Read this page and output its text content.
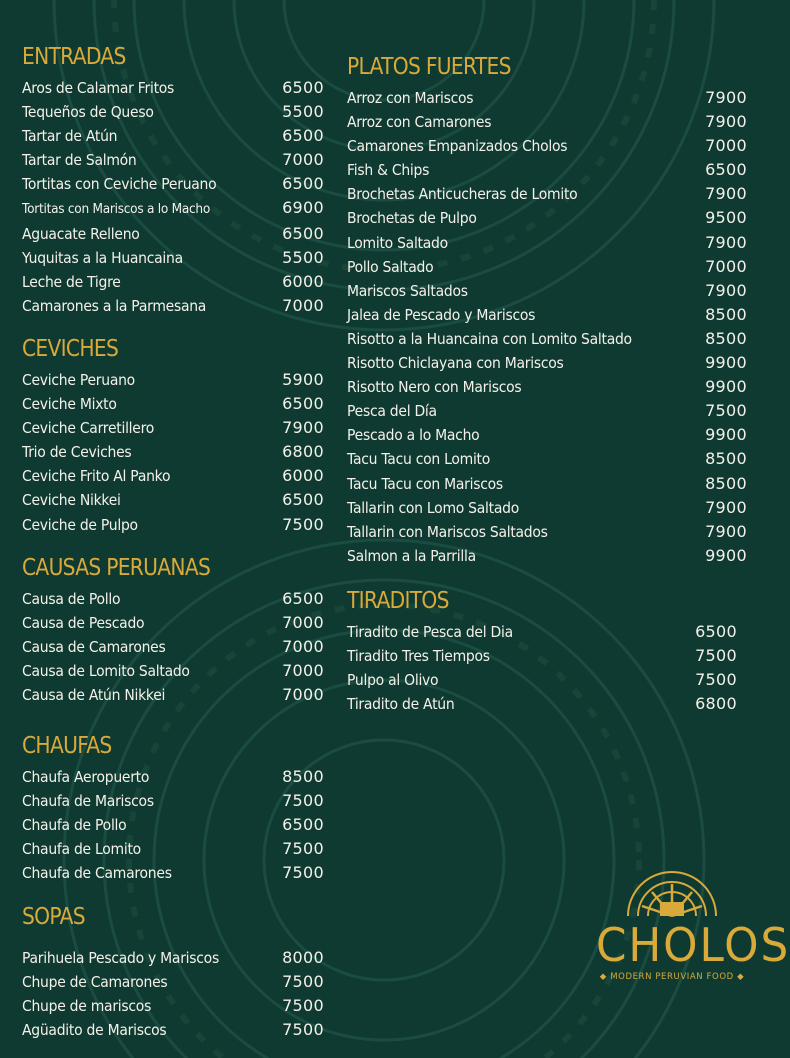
ENTRADAS
Aros de Calamar Fritos	6500
Tequeños de Queso	5500
Tartar de Atún	6500
Tartar de Salmón	7000
Tortitas con Ceviche Peruano	6500
Tortitas con Mariscos a lo Macho	6900
Aguacate Relleno	6500
Yuquitas a la Huancaina	5500
Leche de Tigre	6000
Camarones a la Parmesana	7000
CEVICHES
Ceviche Peruano	5900
Ceviche Mixto	6500
Ceviche Carretillero	7900
Trio de Ceviches	6800
Ceviche Frito Al Panko	6000
Ceviche Nikkei	6500
Ceviche de Pulpo	7500
CAUSAS PERUANAS
Causa de Pollo	6500
Causa de Pescado	7000
Causa de Camarones	7000
Causa de Lomito Saltado	7000
Causa de Atún Nikkei	7000
CHAUFAS
Chaufa Aeropuerto	8500
Chaufa de Mariscos	7500
Chaufa de Pollo	6500
Chaufa de Lomito	7500
Chaufa de Camarones	7500
SOPAS
Parihuela Pescado y Mariscos	8000
Chupe de Camarones	7500
Chupe de mariscos	7500
Agüadito de Mariscos	7500
PLATOS FUERTES
Arroz con Mariscos	7900
Arroz con Camarones	7900
Camarones Empanizados Cholos	7000
Fish & Chips	6500
Brochetas Anticucheras de Lomito	7900
Brochetas de Pulpo	9500
Lomito Saltado	7900
Pollo Saltado	7000
Mariscos Saltados	7900
Jalea de Pescado y Mariscos	8500
Risotto a la Huancaina con Lomito Saltado	8500
Risotto Chiclayana con Mariscos	9900
Risotto Nero con Mariscos	9900
Pesca del Día	7500
Pescado a lo Macho	9900
Tacu Tacu con Lomito	8500
Tacu Tacu con Mariscos	8500
Tallarin con Lomo Saltado	7900
Tallarin con Mariscos Saltados	7900
Salmon a la Parrilla	9900
TIRADITOS
Tiradito de Pesca del Dia	6500
Tiradito Tres Tiempos	7500
Pulpo al Olivo	7500
Tiradito de Atún	6800
CHOLOS
◆ MODERN PERUVIAN FOOD ◆
